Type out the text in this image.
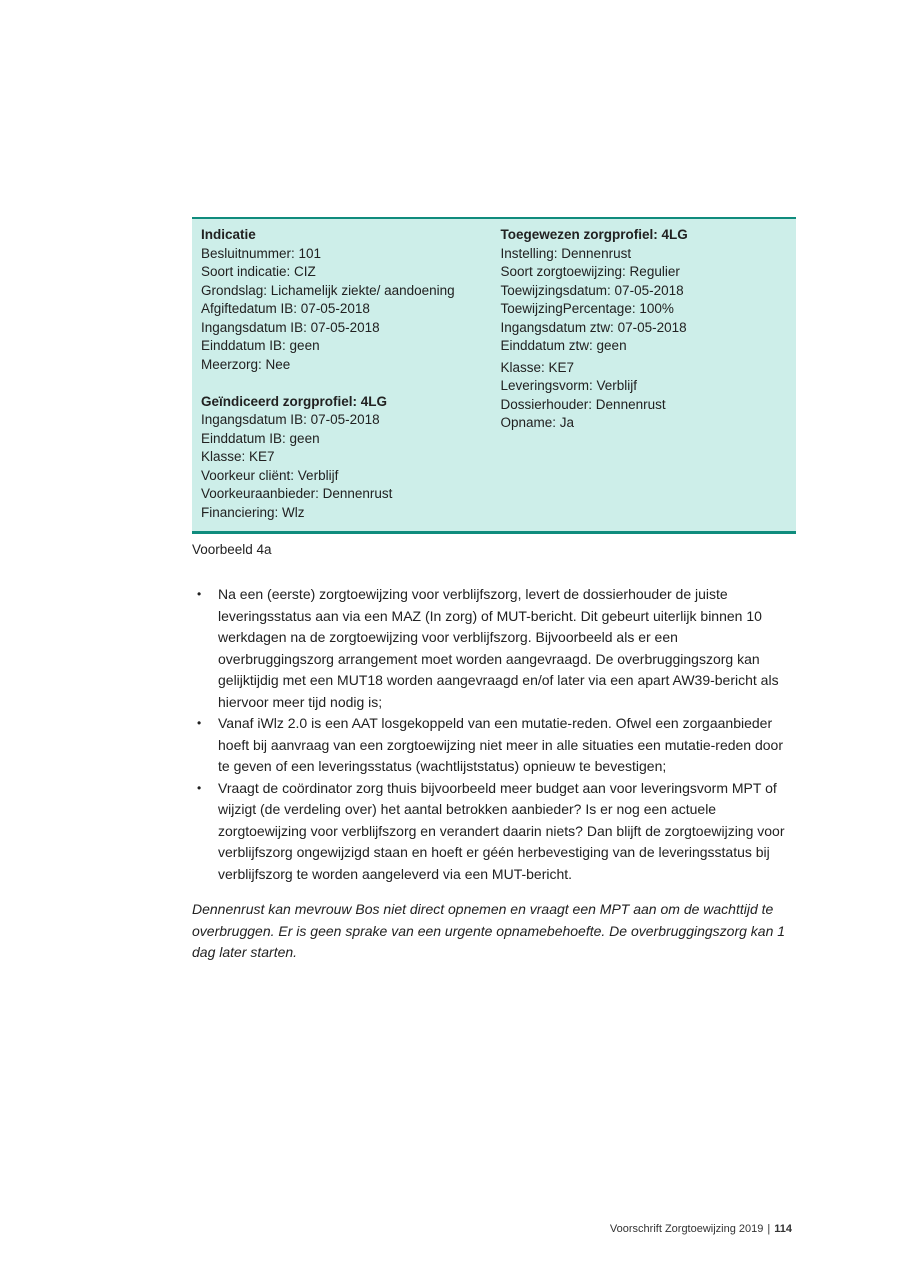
Indicatie
Besluitnummer: 101
Soort indicatie: CIZ
Grondslag: Lichamelijk ziekte/ aandoening
Afgiftedatum IB: 07-05-2018
Ingangsdatum IB: 07-05-2018
Einddatum IB: geen
Meerzorg: Nee
Geïndiceerd zorgprofiel: 4LG
Ingangsdatum IB: 07-05-2018
Einddatum IB: geen
Klasse: KE7
Voorkeur cliënt: Verblijf
Voorkeuraanbieder: Dennenrust
Financiering: Wlz
Toegewezen zorgprofiel: 4LG
Instelling: Dennenrust
Soort zorgtoewijzing: Regulier
Toewijzingsdatum: 07-05-2018
ToewijzingPercentage: 100%
Ingangsdatum ztw: 07-05-2018
Einddatum ztw: geen
Klasse: KE7
Leveringsvorm: Verblijf
Dossierhouder: Dennenrust
Opname: Ja
Voorbeeld 4a
•	Na een (eerste) zorgtoewijzing voor verblijfszorg, levert de dossierhouder de juiste leveringsstatus aan via een MAZ (In zorg) of MUT-bericht. Dit gebeurt uiterlijk binnen 10 werkdagen na de zorgtoewijzing voor verblijfszorg. Bijvoorbeeld als er een overbruggingszorg arrangement moet worden aangevraagd. De overbruggingszorg kan gelijktijdig met een MUT18 worden aangevraagd en/of later via een apart AW39-bericht als hiervoor meer tijd nodig is;
•	Vanaf iWlz 2.0 is een AAT losgekoppeld van een mutatie-reden. Ofwel een zorgaanbieder hoeft bij aanvraag van een zorgtoewijzing niet meer in alle situaties een mutatie-reden door te geven of een leveringsstatus (wachtlijststatus) opnieuw te bevestigen;
•	Vraagt de coördinator zorg thuis bijvoorbeeld meer budget aan voor leveringsvorm MPT of wijzigt (de verdeling over) het aantal betrokken aanbieder? Is er nog een actuele zorgtoewijzing voor verblijfszorg en verandert daarin niets? Dan blijft de zorgtoewijzing voor verblijfszorg ongewijzigd staan en hoeft er géén herbevestiging van de leveringsstatus bij verblijfszorg te worden aangeleverd via een MUT-bericht.

Dennenrust kan mevrouw Bos niet direct opnemen en vraagt een MPT aan om de wachttijd te overbruggen. Er is geen sprake van een urgente opnamebehoefte. De overbruggingszorg kan 1 dag later starten.

Voorschrift Zorgtoewijzing 2019 | 114
